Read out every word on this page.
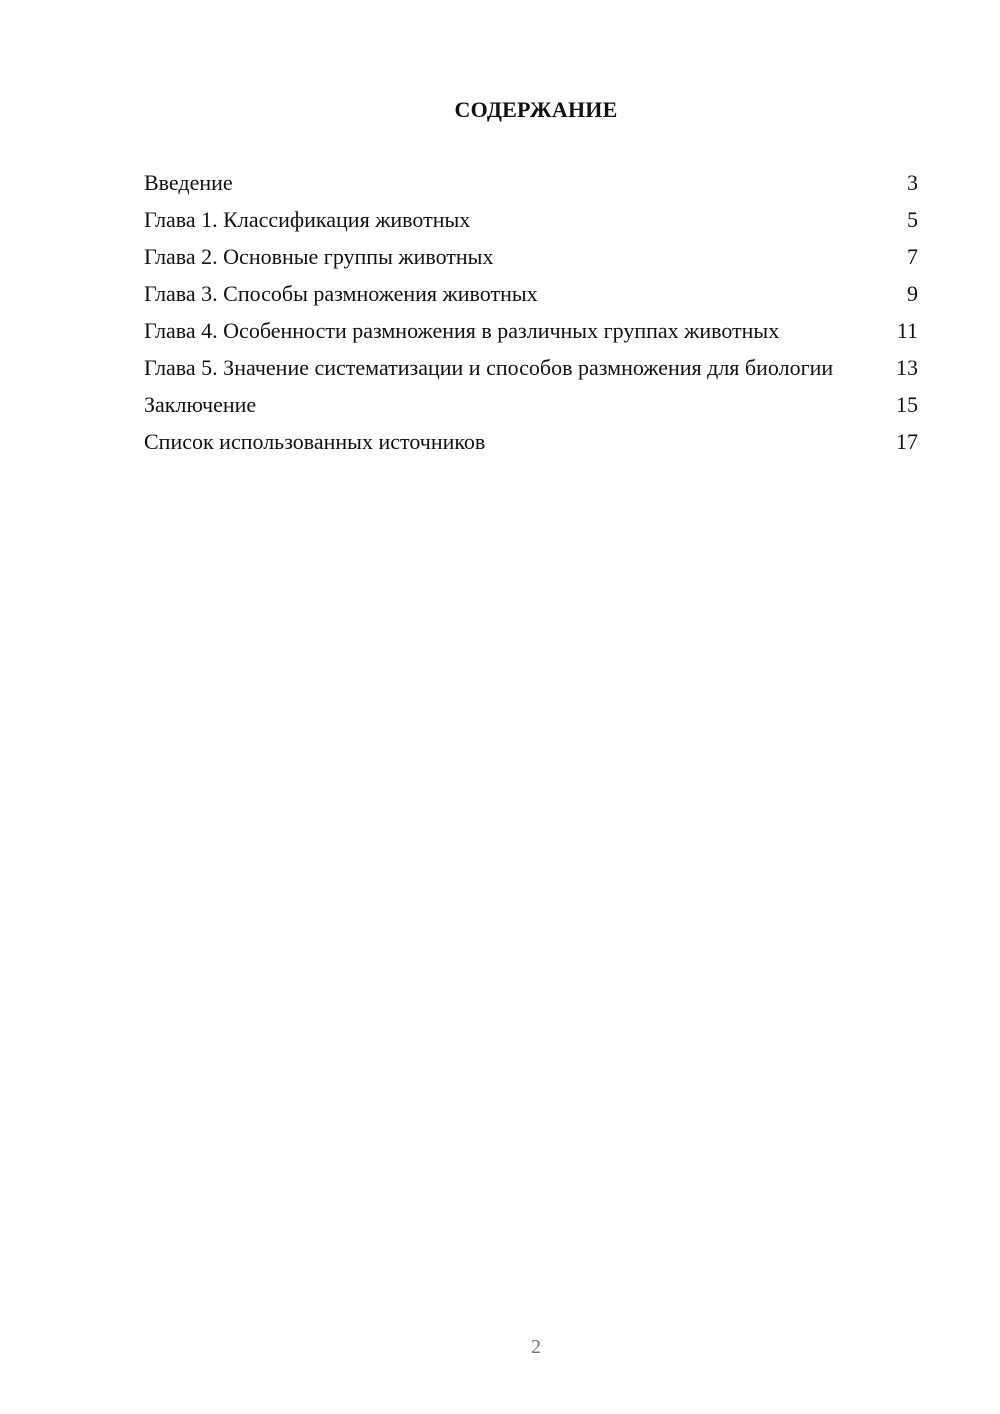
СОДЕРЖАНИЕ
Введение	3
Глава 1. Классификация животных	5
Глава 2. Основные группы животных	7
Глава 3. Способы размножения животных	9
Глава 4. Особенности размножения в различных группах животных	11
Глава 5. Значение систематизации и способов размножения для биологии	13
Заключение	15
Список использованных источников	17
2
